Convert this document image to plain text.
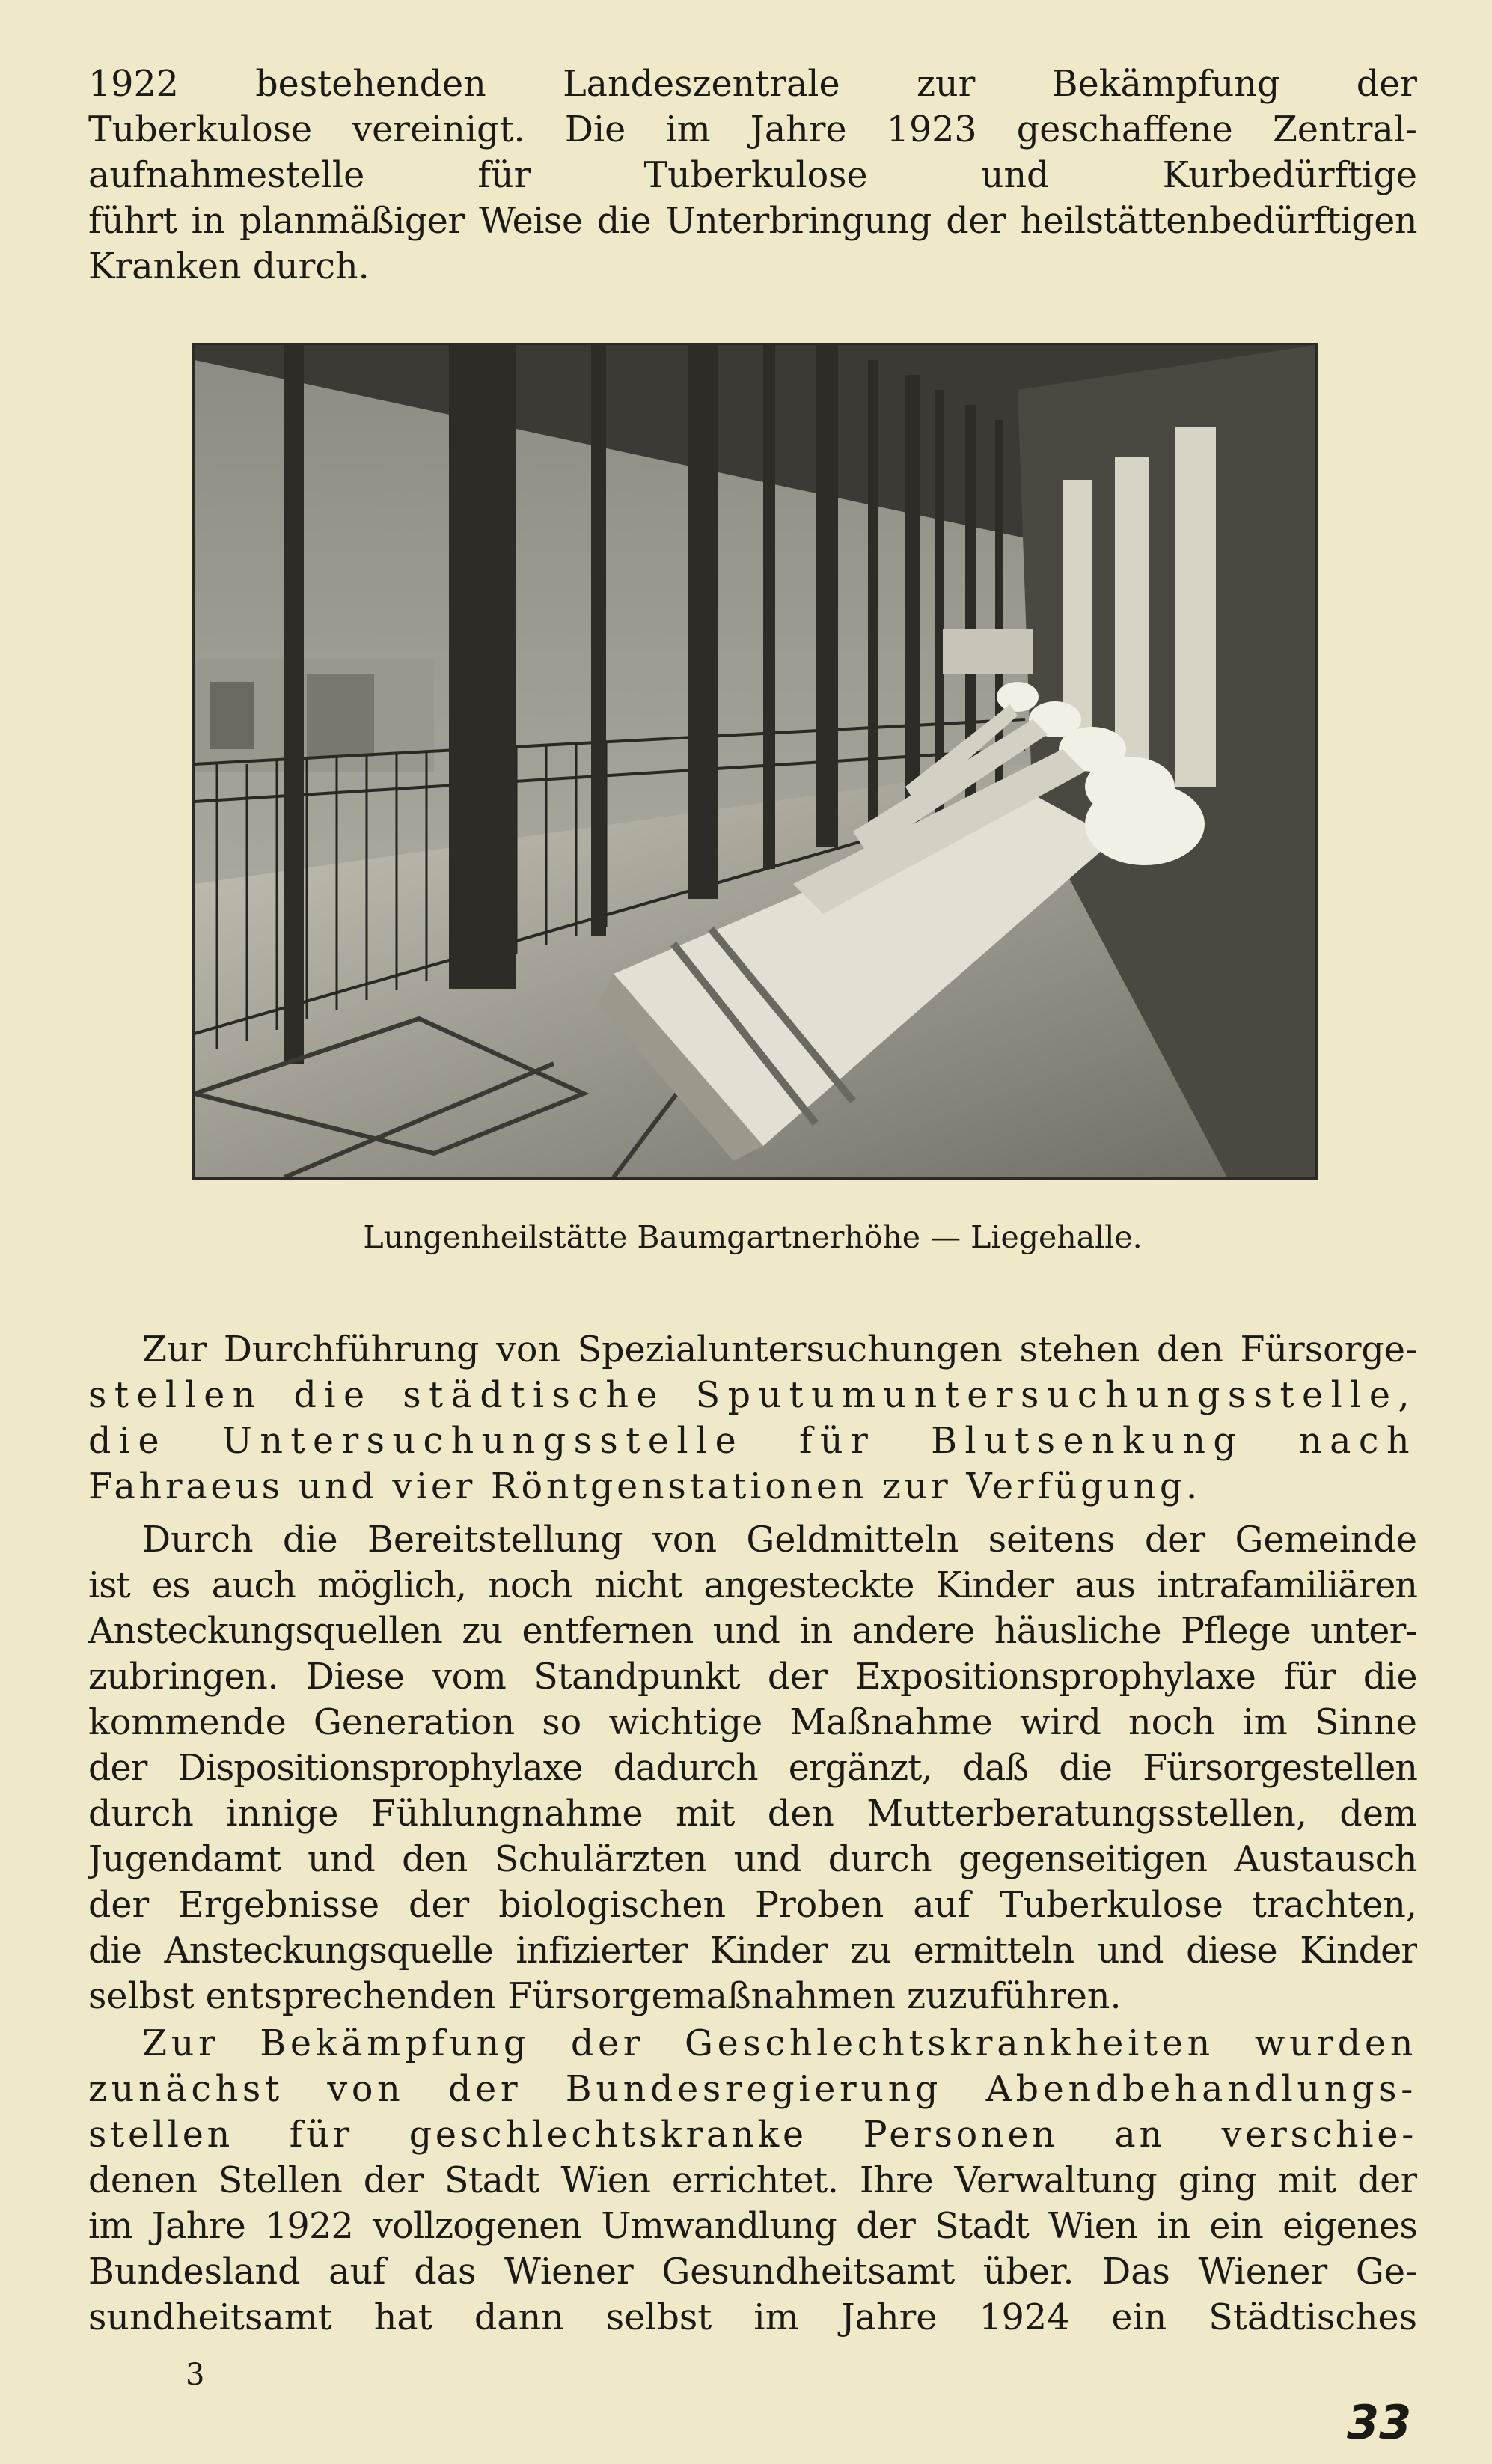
1922 bestehenden Landeszentrale zur Bekämpfung der
Tuberkulose vereinigt. Die im Jahre 1923 geschaffene Zentral-
aufnahmestelle für Tuberkulose und Kurbedürftige
führt in planmäßiger Weise die Unterbringung der heilstättenbedürftigen
Kranken durch.

Lungenheilstätte Baumgartnerhöhe — Liegehalle.

Zur Durchführung von Spezialuntersuchungen stehen den Fürsorge-
stellen die städtische Sputumuntersuchungsstelle,
die Untersuchungsstelle für Blutsenkung nach
Fahraeus und vier Röntgenstationen zur Verfügung.

Durch die Bereitstellung von Geldmitteln seitens der Gemeinde
ist es auch möglich, noch nicht angesteckte Kinder aus intrafamiliären
Ansteckungsquellen zu entfernen und in andere häusliche Pflege unter-
zubringen. Diese vom Standpunkt der Expositionsprophylaxe für die
kommende Generation so wichtige Maßnahme wird noch im Sinne
der Dispositionsprophylaxe dadurch ergänzt, daß die Fürsorgestellen
durch innige Fühlungnahme mit den Mutterberatungsstellen, dem
Jugendamt und den Schulärzten und durch gegenseitigen Austausch
der Ergebnisse der biologischen Proben auf Tuberkulose trachten,
die Ansteckungsquelle infizierter Kinder zu ermitteln und diese Kinder
selbst entsprechenden Fürsorgemaßnahmen zuzuführen.

Zur Bekämpfung der Geschlechtskrankheiten wurden
zunächst von der Bundesregierung Abendbehandlungs-
stellen für geschlechtskranke Personen an verschie-
denen Stellen der Stadt Wien errichtet. Ihre Verwaltung ging mit der
im Jahre 1922 vollzogenen Umwandlung der Stadt Wien in ein eigenes
Bundesland auf das Wiener Gesundheitsamt über. Das Wiener Ge-
sundheitsamt hat dann selbst im Jahre 1924 ein Städtisches

3
33
